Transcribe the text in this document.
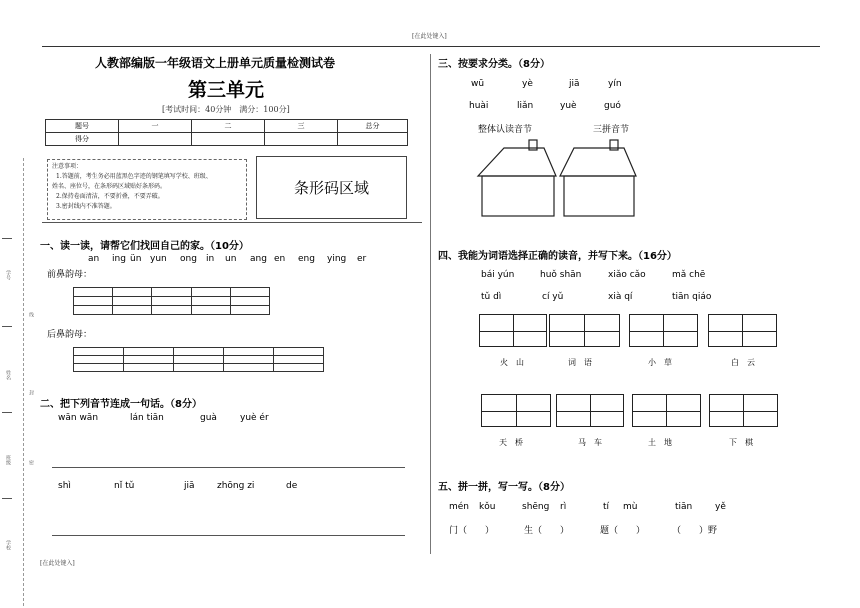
[在此处键入]
[在此处键入]
学号
线
姓名
封
班级	密
学校
人教部编版一年级语文上册单元质量检测试卷
第三单元
[考试时间：40分钟　满分：100分]
题号	一	二	三	总分
得分				
注意事项：
1.答题前，考生务必用蓝黑色字迹的钢笔填写学校、班级、
姓名、座位号，在条形码区域贴好条形码。
2.保持卷面清洁，不要折叠，不要弄破。
3.密封线内不准答题。
条形码区域
一、读一读，请帮它们找回自己的家。（10分）
an ing ün yun ong in un ang en eng ying er
前鼻韵母：

后鼻韵母：

二、把下列音节连成一句话。（8分）
wān wān	lán tiān	guà	yuè ér
shì	nǐ tǔ	jiā zhōng zi	de
三、按要求分类。（8分）
wū	yè	jiā	yín
huài	liǎn	yuè	guó
整体认读音节	三拼音节
四、我能为词语选择正确的读音，并写下来。（16分）
bái yún	huǒ shān	xiǎo cǎo	mǎ chē
tǔ dì	cí yǔ	xià qí	tiān qiáo
火　山	词　语	小　草	白　云
天　桥	马　车	土　地	下　棋
五、拼一拼，写一写。（8分）
mén kǒu	shēng rì	tí mù	tiān	yě
门（　　）	生（　　）	题（　　）	（　　）野
